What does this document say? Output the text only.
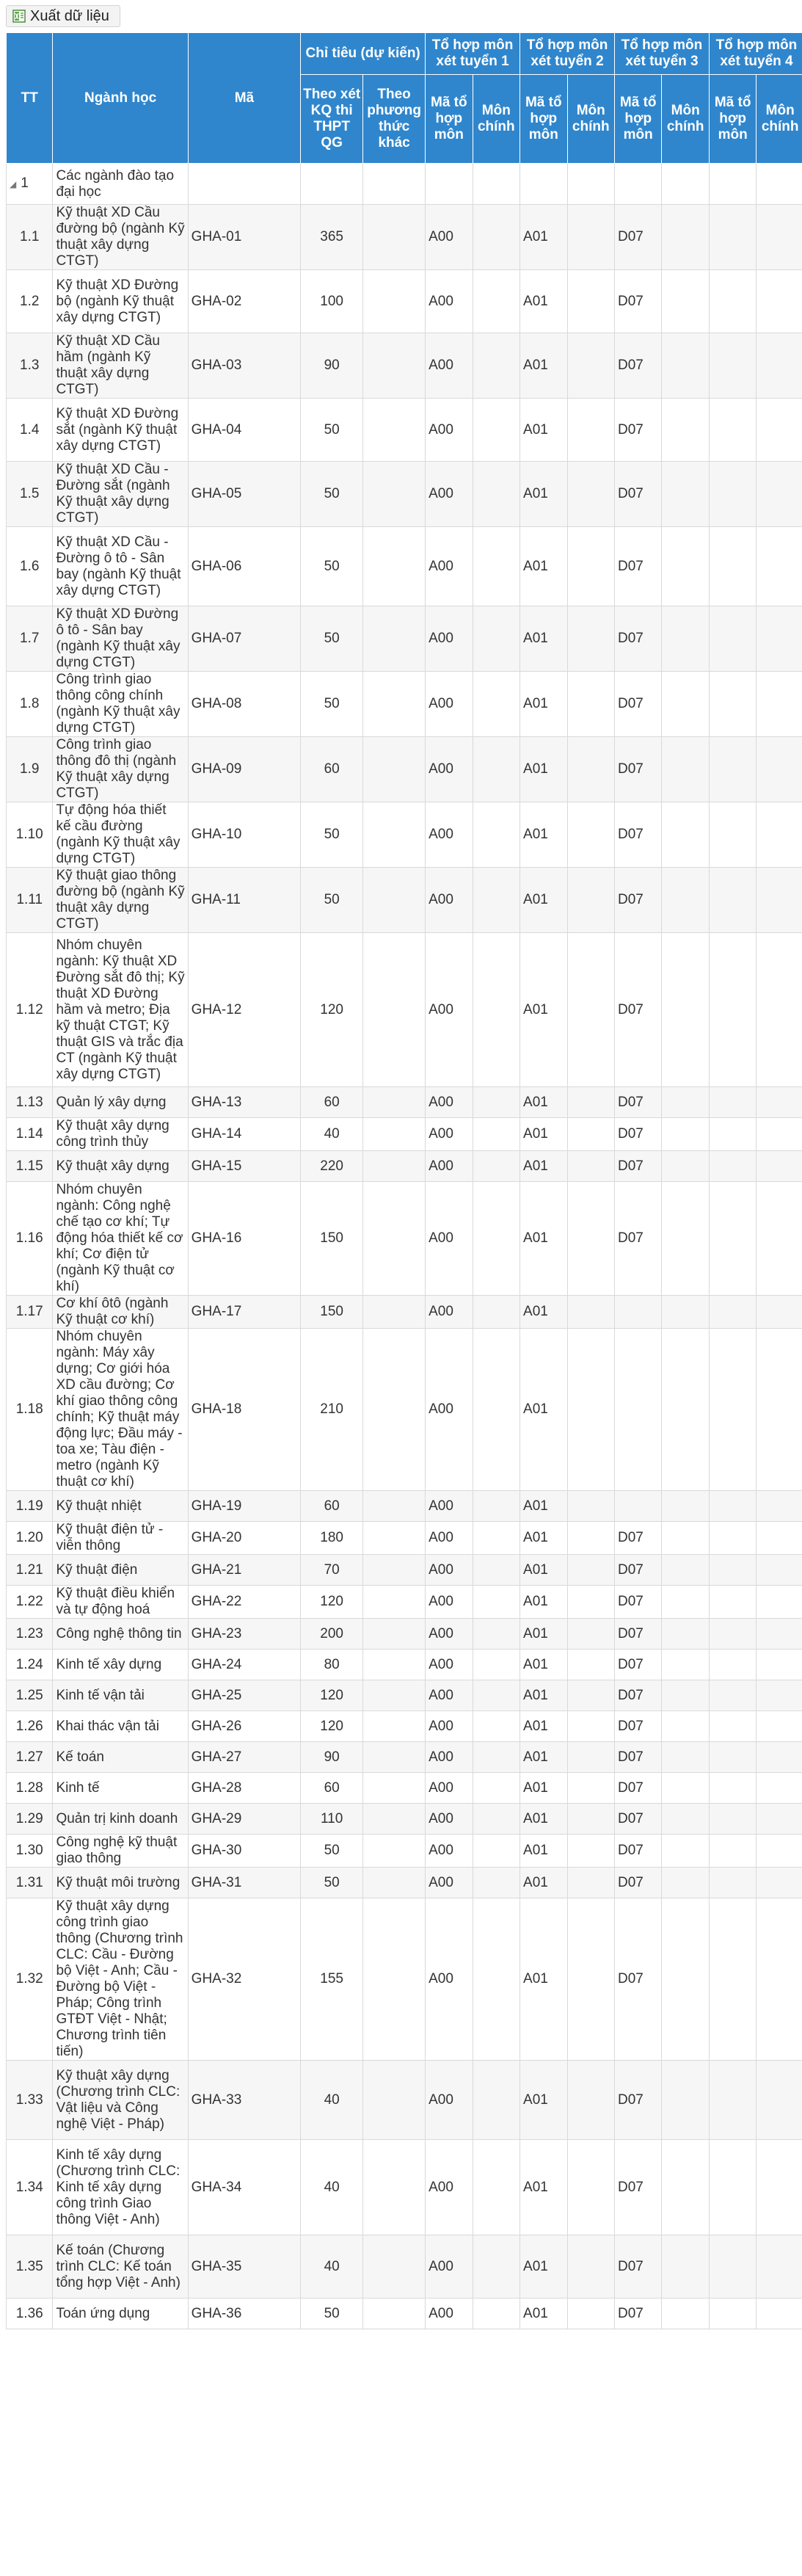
Xuất dữ liệu
TT	Ngành học	Mã	Chỉ tiêu (dự kiến)		Tổ hợp môn xét tuyển 1		Tổ hợp môn xét tuyển 2		Tổ hợp môn xét tuyển 3		Tổ hợp môn xét tuyển 4	
			Theo xét KQ thi THPT QG	Theo phương thức khác	Mã tổ hợp môn	Môn chính	Mã tổ hợp môn	Môn chính	Mã tổ hợp môn	Môn chính	Mã tổ hợp môn	Môn chính
◢ 1	Các ngành đào tạo đại học											
1.1	Kỹ thuật XD Cầu đường bộ (ngành Kỹ thuật xây dựng CTGT)	GHA-01	365		A00		A01		D07			
1.2	Kỹ thuật XD Đường bộ (ngành Kỹ thuật xây dựng CTGT)	GHA-02	100		A00		A01		D07			
1.3	Kỹ thuật XD Cầu hầm (ngành Kỹ thuật xây dựng CTGT)	GHA-03	90		A00		A01		D07			
1.4	Kỹ thuật XD Đường sắt (ngành Kỹ thuật xây dựng CTGT)	GHA-04	50		A00		A01		D07			
1.5	Kỹ thuật XD Cầu - Đường sắt (ngành Kỹ thuật xây dựng CTGT)	GHA-05	50		A00		A01		D07			
1.6	Kỹ thuật XD Cầu - Đường ô tô - Sân bay (ngành Kỹ thuật xây dựng CTGT)	GHA-06	50		A00		A01		D07			
1.7	Kỹ thuật XD Đường ô tô - Sân bay (ngành Kỹ thuật xây dựng CTGT)	GHA-07	50		A00		A01		D07			
1.8	Công trình giao thông công chính (ngành Kỹ thuật xây dựng CTGT)	GHA-08	50		A00		A01		D07			
1.9	Công trình giao thông đô thị (ngành Kỹ thuật xây dựng CTGT)	GHA-09	60		A00		A01		D07			
1.10	Tự động hóa thiết kế cầu đường (ngành Kỹ thuật xây dựng CTGT)	GHA-10	50		A00		A01		D07			
1.11	Kỹ thuật giao thông đường bộ (ngành Kỹ thuật xây dựng CTGT)	GHA-11	50		A00		A01		D07			
1.12	Nhóm chuyên ngành: Kỹ thuật XD Đường sắt đô thị; Kỹ thuật XD Đường hầm và metro; Địa kỹ thuật CTGT; Kỹ thuật GIS và trắc địa CT (ngành Kỹ thuật xây dựng CTGT)	GHA-12	120		A00		A01		D07			
1.13	Quản lý xây dựng	GHA-13	60		A00		A01		D07			
1.14	Kỹ thuật xây dựng công trình thủy	GHA-14	40		A00		A01		D07			
1.15	Kỹ thuật xây dựng	GHA-15	220		A00		A01		D07			
1.16	Nhóm chuyên ngành: Công nghệ chế tạo cơ khí; Tự động hóa thiết kế cơ khí; Cơ điện tử (ngành Kỹ thuật cơ khí)	GHA-16	150		A00		A01		D07			
1.17	Cơ khí ôtô (ngành Kỹ thuật cơ khí)	GHA-17	150		A00		A01					
1.18	Nhóm chuyên ngành: Máy xây dựng; Cơ giới hóa XD cầu đường; Cơ khí giao thông công chính; Kỹ thuật máy động lực; Đầu máy - toa xe; Tàu điện - metro (ngành Kỹ thuật cơ khí)	GHA-18	210		A00		A01					
1.19	Kỹ thuật nhiệt	GHA-19	60		A00		A01					
1.20	Kỹ thuật điện tử - viễn thông	GHA-20	180		A00		A01		D07			
1.21	Kỹ thuật điện	GHA-21	70		A00		A01		D07			
1.22	Kỹ thuật điều khiển và tự động hoá	GHA-22	120		A00		A01		D07			
1.23	Công nghệ thông tin	GHA-23	200		A00		A01		D07			
1.24	Kinh tế xây dựng	GHA-24	80		A00		A01		D07			
1.25	Kinh tế vận tải	GHA-25	120		A00		A01		D07			
1.26	Khai thác vận tải	GHA-26	120		A00		A01		D07			
1.27	Kế toán	GHA-27	90		A00		A01		D07			
1.28	Kinh tế	GHA-28	60		A00		A01		D07			
1.29	Quản trị kinh doanh	GHA-29	110		A00		A01		D07			
1.30	Công nghệ kỹ thuật giao thông	GHA-30	50		A00		A01		D07			
1.31	Kỹ thuật môi trường	GHA-31	50		A00		A01		D07			
1.32	Kỹ thuật xây dựng công trình giao thông (Chương trình CLC: Cầu - Đường bộ Việt - Anh; Cầu - Đường bộ Việt - Pháp; Công trình GTĐT Việt - Nhật; Chương trình tiên tiến)	GHA-32	155		A00		A01		D07			
1.33	Kỹ thuật xây dựng (Chương trình CLC: Vật liệu và Công nghệ Việt - Pháp)	GHA-33	40		A00		A01		D07			
1.34	Kinh tế xây dựng (Chương trình CLC: Kinh tế xây dựng công trình Giao thông Việt - Anh)	GHA-34	40		A00		A01		D07			
1.35	Kế toán (Chương trình CLC: Kế toán tổng hợp Việt - Anh)	GHA-35	40		A00		A01		D07			
1.36	Toán ứng dụng	GHA-36	50		A00		A01		D07			
